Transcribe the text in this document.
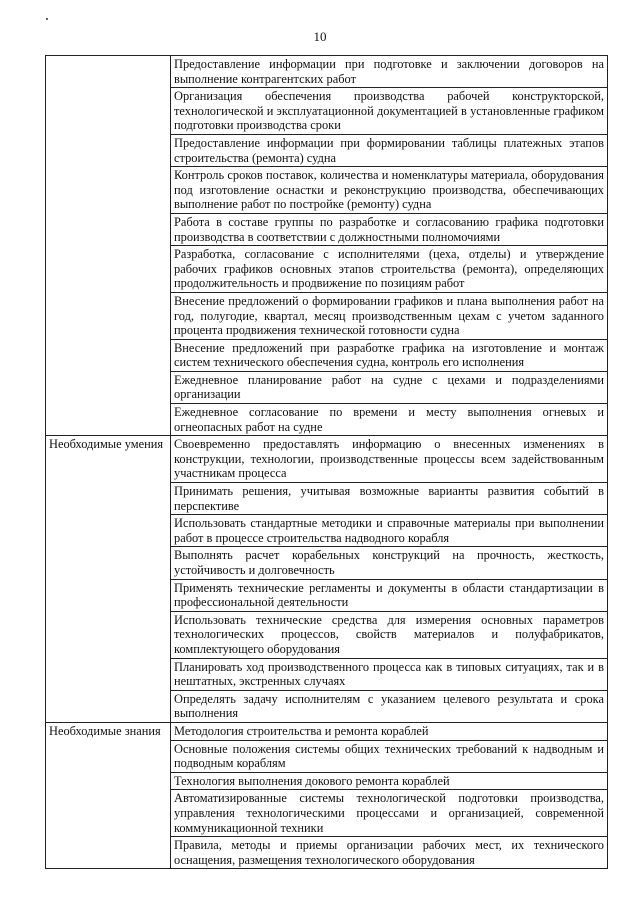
10
	Предоставление информации при подготовке и заключении договоров на выполнение контрагентских работ
	Организация обеспечения производства рабочей конструкторской, технологической и эксплуатационной документацией в установленные графиком подготовки производства сроки
	Предоставление информации при формировании таблицы платежных этапов строительства (ремонта) судна
	Контроль сроков поставок, количества и номенклатуры материала, оборудования под изготовление оснастки и реконструкцию производства, обеспечивающих выполнение работ по постройке (ремонту) судна
	Работа в составе группы по разработке и согласованию графика подготовки производства в соответствии с должностными полномочиями
	Разработка, согласование с исполнителями (цеха, отделы) и утверждение рабочих графиков основных этапов строительства (ремонта), определяющих продолжительность и продвижение по позициям работ
	Внесение предложений о формировании графиков и плана выполнения работ на год, полугодие, квартал, месяц производственным цехам с учетом заданного процента продвижения технической готовности судна
	Внесение предложений при разработке графика на изготовление и монтаж систем технического обеспечения судна, контроль его исполнения
	Ежедневное планирование работ на судне с цехами и подразделениями организации
	Ежедневное согласование по времени и месту выполнения огневых и огнеопасных работ на судне
Необходимые умения	Своевременно предоставлять информацию о внесенных изменениях в конструкции, технологии, производственные процессы всем задействованным участникам процесса
	Принимать решения, учитывая возможные варианты развития событий в перспективе
	Использовать стандартные методики и справочные материалы при выполнении работ в процессе строительства надводного корабля
	Выполнять расчет корабельных конструкций на прочность, жесткость, устойчивость и долговечность
	Применять технические регламенты и документы в области стандартизации в профессиональной деятельности
	Использовать технические средства для измерения основных параметров технологических процессов, свойств материалов и полуфабрикатов, комплектующего оборудования
	Планировать ход производственного процесса как в типовых ситуациях, так и в нештатных, экстренных случаях
	Определять задачу исполнителям с указанием целевого результата и срока выполнения
Необходимые знания	Методология строительства и ремонта кораблей
	Основные положения системы общих технических требований к надводным и подводным кораблям
	Технология выполнения докового ремонта кораблей
	Автоматизированные системы технологической подготовки производства, управления технологическими процессами и организацией, современной коммуникационной техники
	Правила, методы и приемы организации рабочих мест, их технического оснащения, размещения технологического оборудования
